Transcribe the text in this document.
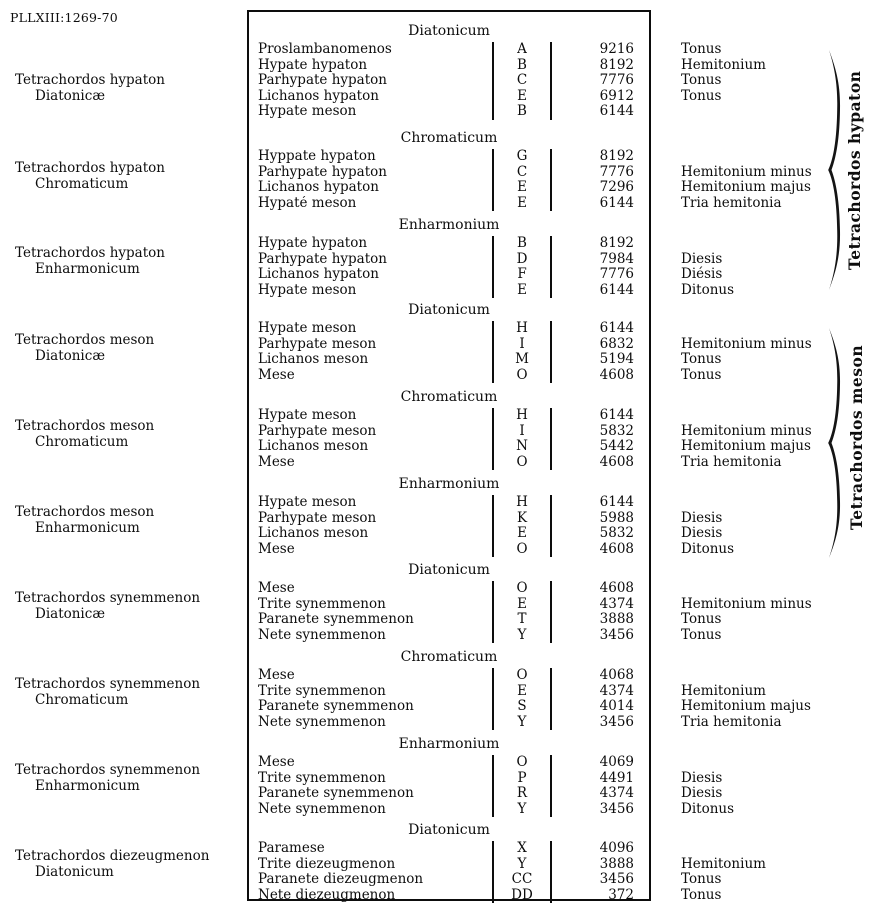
PLLXIII:1269-70
Diatonicum
Proslambanomenos	A	9216	Tonus
Hypate hypaton	B	8192	Hemitonium
Parhypate hypaton	C	7776	Tonus
Lichanos hypaton	E	6912	Tonus
Hypate meson	B	6144
Chromaticum
Hyppate hypaton	G	8192
Parhypate hypaton	C	7776	Hemitonium minus
Lichanos hypaton	E	7296	Hemitonium majus
Hypaté meson	E	6144	Tria hemitonia
Enharmonium
Hypate hypaton	B	8192
Parhypate hypaton	D	7984	Diesis
Lichanos hypaton	F	7776	Diésis
Hypate meson	E	6144	Ditonus
Diatonicum
Hypate meson	H	6144
Parhypate meson	I	6832	Hemitonium minus
Lichanos meson	M	5194	Tonus
Mese	O	4608	Tonus
Chromaticum
Hypate meson	H	6144
Parhypate meson	I	5832	Hemitonium minus
Lichanos meson	N	5442	Hemitonium majus
Mese	O	4608	Tria hemitonia
Enharmonium
Hypate meson	H	6144
Parhypate meson	K	5988	Diesis
Lichanos meson	E	5832	Diesis
Mese	O	4608	Ditonus
Diatonicum
Mese	O	4608
Trite synemmenon	E	4374	Hemitonium minus
Paranete synemmenon	T	3888	Tonus
Nete synemmenon	Y	3456	Tonus
Chromaticum
Mese	O	4068
Trite synemmenon	E	4374	Hemitonium
Paranete synemmenon	S	4014	Hemitonium majus
Nete synemmenon	Y	3456	Tria hemitonia
Enharmonium
Mese	O	4069
Trite synemmenon	P	4491	Diesis
Paranete synemmenon	R	4374	Diesis
Nete synemmenon	Y	3456	Ditonus
Diatonicum
Paramese	X	4096
Trite diezeugmenon	Y	3888	Hemitonium
Paranete diezeugmenon	CC	3456	Tonus
Nete diezeugmenon	DD	372	Tonus
Tetrachordos hypaton
Tetrachordos meson
Tetrachordos hypaton
Diatonicæ
Tetrachordos hypaton
Chromaticum
Tetrachordos hypaton
Enharmonicum
Tetrachordos meson
Diatonicæ
Tetrachordos meson
Chromaticum
Tetrachordos meson
Enharmonicum
Tetrachordos synemmenon
Diatonicæ
Tetrachordos synemmenon
Chromaticum
Tetrachordos synemmenon
Enharmonicum
Tetrachordos diezeugmenon
Diatonicum
